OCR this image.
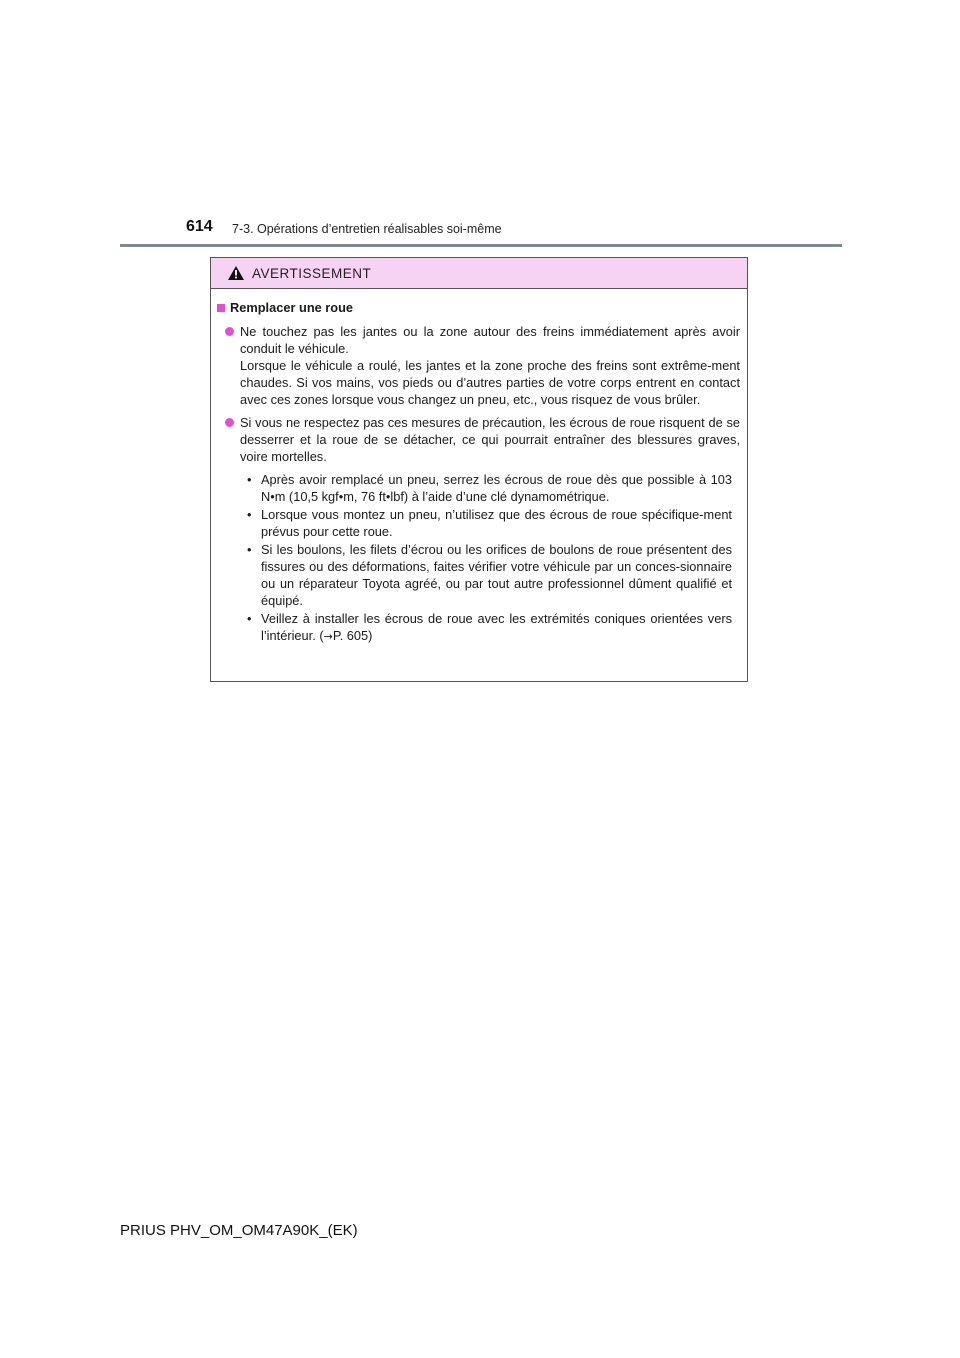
614 7-3. Opérations d’entretien réalisables soi-même
AVERTISSEMENT
Remplacer une roue

Ne touchez pas les jantes ou la zone autour des freins immédiatement après avoir conduit le véhicule.

Lorsque le véhicule a roulé, les jantes et la zone proche des freins sont extrême-ment chaudes. Si vos mains, vos pieds ou d’autres parties de votre corps entrent en contact avec ces zones lorsque vous changez un pneu, etc., vous risquez de vous brûler.

Si vous ne respectez pas ces mesures de précaution, les écrous de roue risquent de se desserrer et la roue de se détacher, ce qui pourrait entraîner des blessures graves, voire mortelles.

• Après avoir remplacé un pneu, serrez les écrous de roue dès que possible à 103 N•m (10,5 kgf•m, 76 ft•lbf) à l’aide d’une clé dynamométrique.
• Lorsque vous montez un pneu, n’utilisez que des écrous de roue spécifique-ment prévus pour cette roue.
• Si les boulons, les filets d’écrou ou les orifices de boulons de roue présentent des fissures ou des déformations, faites vérifier votre véhicule par un conces-sionnaire ou un réparateur Toyota agréé, ou par tout autre professionnel dûment qualifié et équipé.
• Veillez à installer les écrous de roue avec les extrémités coniques orientées vers l’intérieur. (→P. 605)
PRIUS PHV_OM_OM47A90K_(EK)
